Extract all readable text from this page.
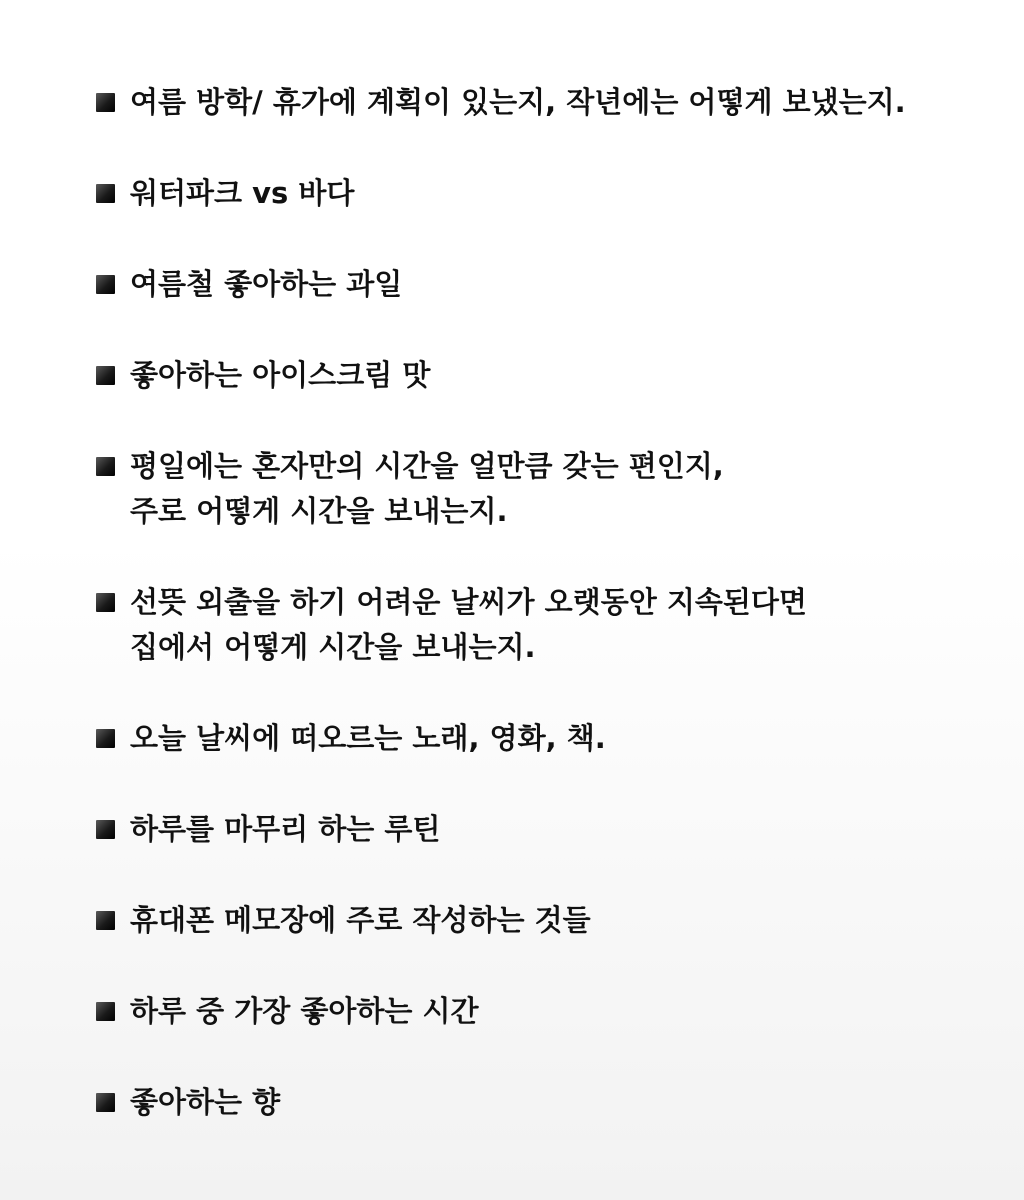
여름 방학/ 휴가에 계획이 있는지, 작년에는 어떻게 보냈는지.
워터파크 vs 바다
여름철 좋아하는 과일
좋아하는 아이스크림 맛
평일에는 혼자만의 시간을 얼만큼 갖는 편인지,
주로 어떻게 시간을 보내는지.
선뜻 외출을 하기 어려운 날씨가 오랫동안 지속된다면
집에서 어떻게 시간을 보내는지.
오늘 날씨에 떠오르는 노래, 영화, 책.
하루를 마무리 하는 루틴
휴대폰 메모장에 주로 작성하는 것들
하루 중 가장 좋아하는 시간
좋아하는 향
